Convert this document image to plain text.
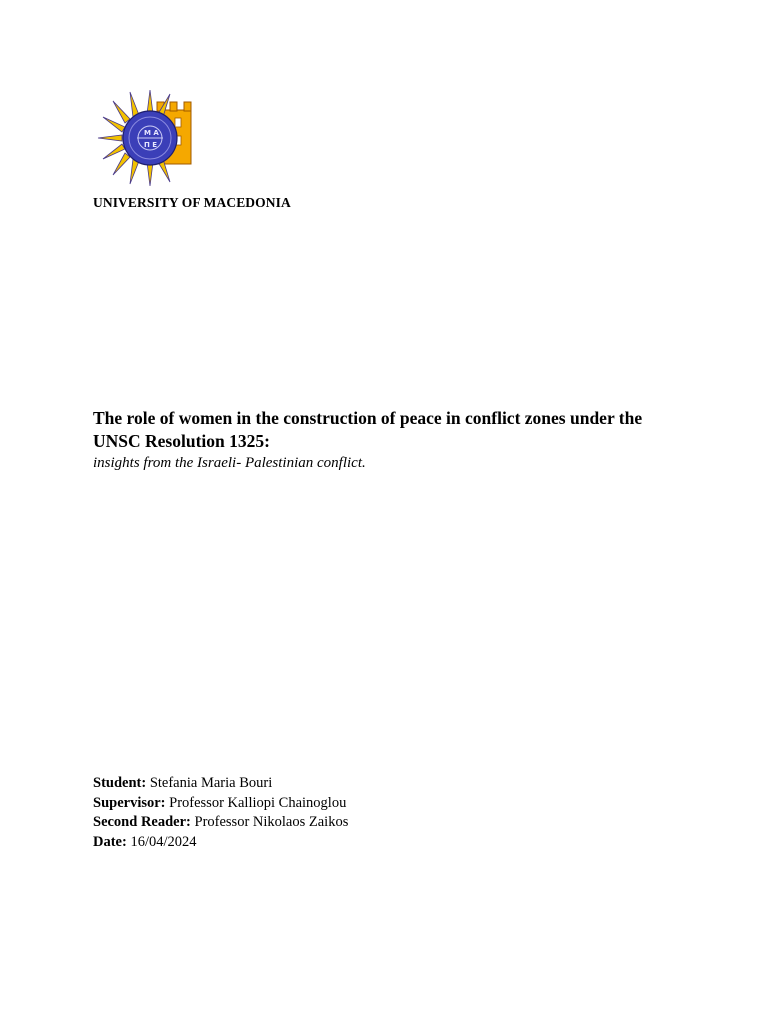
M A
Π E
UNIVERSITY OF MACEDONIA

The role of women in the construction of peace in conflict zones under the UNSC Resolution 1325:

insights from the Israeli- Palestinian conflict.

Student: Stefania Maria Bouri
Supervisor: Professor Kalliopi Chainoglou
Second Reader: Professor Nikolaos Zaikos
Date: 16/04/2024
